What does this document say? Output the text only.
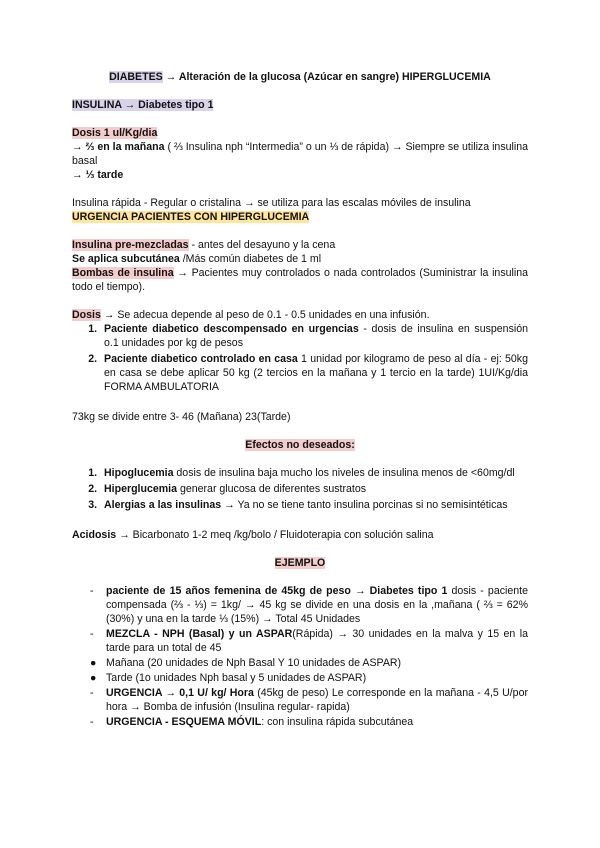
DIABETES → Alteración de la glucosa (Azúcar en sangre) HIPERGLUCEMIA

INSULINA → Diabetes tipo 1

Dosis 1 ul/Kg/dia

→ ⅔ en la mañana ( ⅔ Insulina nph “Intermedia” o un ⅓ de rápida) → Siempre se utiliza insulina basal

→ ⅓ tarde

Insulina rápida - Regular o cristalina → se utiliza para las escalas móviles de insulina

URGENCIA PACIENTES CON HIPERGLUCEMIA

Insulina pre-mezcladas - antes del desayuno y la cena

Se aplica subcutánea /Más común diabetes de 1 ml

Bombas de insulina → Pacientes muy controlados o nada controlados (Suministrar la insulina todo el tiempo).

Dosis → Se adecua depende al peso de 0.1 - 0.5 unidades en una infusión.

1. Paciente diabetico descompensado en urgencias - dosis de insulina en suspensión o.1 unidades por kg de pesos
2. Paciente diabetico controlado en casa 1 unidad por kilogramo de peso al día - ej: 50kg en casa se debe aplicar 50 kg (2 tercios en la mañana y 1 tercio en la tarde) 1UI/Kg/dia FORMA AMBULATORIA

73kg se divide entre 3- 46 (Mañana) 23(Tarde)

Efectos no deseados:

1. Hipoglucemia dosis de insulina baja mucho los niveles de insulina menos de <60mg/dl
2. Hiperglucemia generar glucosa de diferentes sustratos
3. Alergias a las insulinas → Ya no se tiene tanto insulina porcinas si no semisintéticas

Acidosis → Bicarbonato 1-2 meq /kg/bolo / Fluidoterapia con solución salina

EJEMPLO

- paciente de 15 años femenina de 45kg de peso → Diabetes tipo 1 dosis - paciente compensada (⅔ - ⅓) = 1kg/ → 45 kg se divide en una dosis en la ,mañana ( ⅔ = 62% (30%) y una en la tarde ⅓ (15%) → Total 45 Unidades
- MEZCLA - NPH (Basal) y un ASPAR(Rápida) → 30 unidades en la malva y 15 en la tarde para un total de 45
● Mañana (20 unidades de Nph Basal Y 10 unidades de ASPAR)
● Tarde (1o unidades Nph basal y 5 unidades de ASPAR)
- URGENCIA → 0,1 U/ kg/ Hora (45kg de peso) Le corresponde en la mañana - 4,5 U/por hora → Bomba de infusión (Insulina regular- rapida)
- URGENCIA - ESQUEMA MÓVIL: con insulina rápida subcutánea
